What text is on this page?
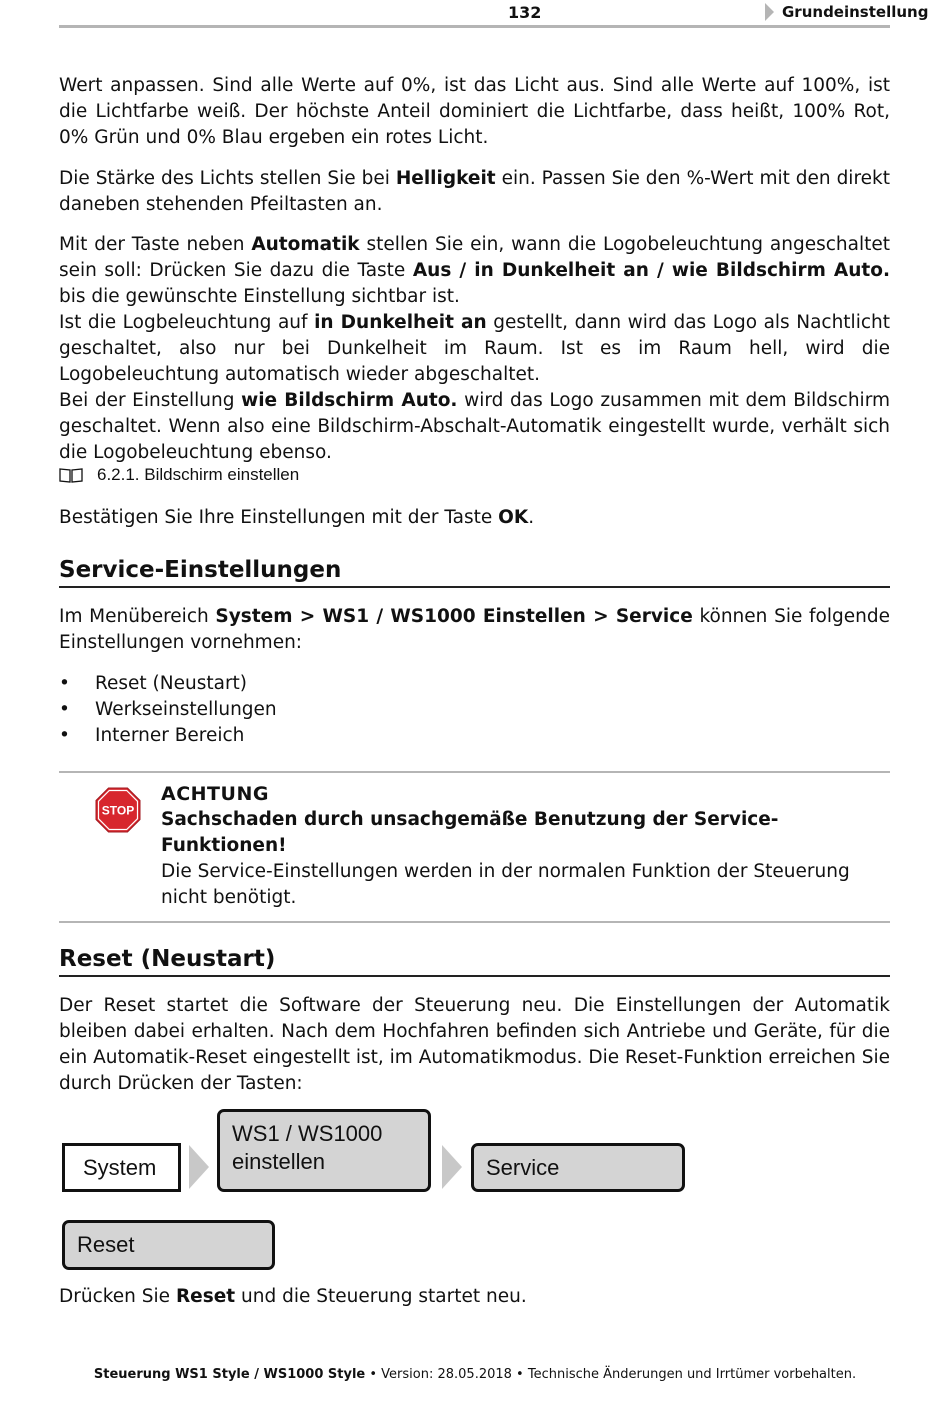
132	Grundeinstellung

Wert anpassen. Sind alle Werte auf 0%, ist das Licht aus. Sind alle Werte auf 100%, ist die Lichtfarbe weiß. Der höchste Anteil dominiert die Lichtfarbe, dass heißt, 100% Rot, 0% Grün und 0% Blau ergeben ein rotes Licht.

Die Stärke des Lichts stellen Sie bei Helligkeit ein. Passen Sie den %-Wert mit den direkt daneben stehenden Pfeiltasten an.

Mit der Taste neben Automatik stellen Sie ein, wann die Logobeleuchtung angeschaltet sein soll: Drücken Sie dazu die Taste Aus / in Dunkelheit an / wie Bildschirm Auto. bis die gewünschte Einstellung sichtbar ist.
Ist die Logbeleuchtung auf in Dunkelheit an gestellt, dann wird das Logo als Nachtlicht geschaltet, also nur bei Dunkelheit im Raum. Ist es im Raum hell, wird die Logobeleuchtung automatisch wieder abgeschaltet.
Bei der Einstellung wie Bildschirm Auto. wird das Logo zusammen mit dem Bildschirm geschaltet. Wenn also eine Bildschirm-Abschalt-Automatik eingestellt wurde, verhält sich die Logobeleuchtung ebenso.

6.2.1. Bildschirm einstellen

Bestätigen Sie Ihre Einstellungen mit der Taste OK.

Service-Einstellungen

Im Menübereich System > WS1 / WS1000 Einstellen > Service können Sie folgende Einstellungen vornehmen:

• Reset (Neustart)
• Werkseinstellungen
• Interner Bereich
STOP
ACHTUNG
Sachschaden durch unsachgemäße Benutzung der Service-Funktionen!
Die Service-Einstellungen werden in der normalen Funktion der Steuerung nicht benötigt.
Reset (Neustart)

Der Reset startet die Software der Steuerung neu. Die Einstellungen der Automatik bleiben dabei erhalten. Nach dem Hochfahren befinden sich Antriebe und Geräte, für die ein Automatik-Reset eingestellt ist, im Automatikmodus. Die Reset-Funktion erreichen Sie durch Drücken der Tasten:

System
WS1 / WS1000
einstellen	Service
Reset

Drücken Sie Reset und die Steuerung startet neu.

Steuerung WS1 Style / WS1000 Style • Version: 28.05.2018 • Technische Änderungen und Irrtümer vorbehalten.
